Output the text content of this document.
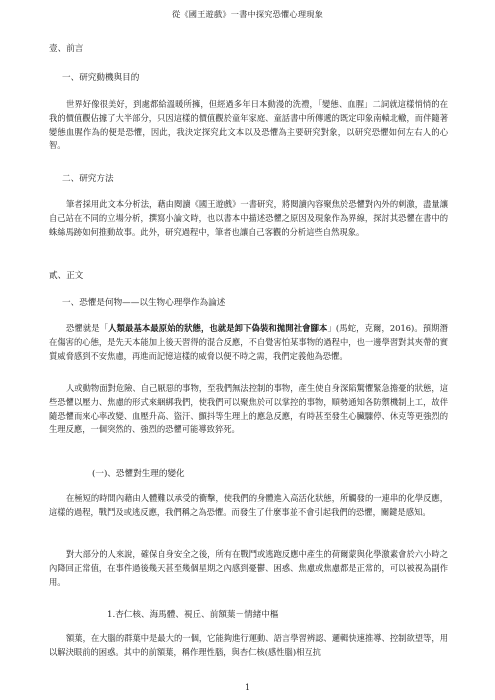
從《國王遊戲》一書中探究恐懼心理現象
壹、前言
一、研究動機與目的

世界好像很美好，到處都給溫暖所擁，但經過多年日本動漫的洗禮，「變態、血腥」二詞就這樣悄悄的在我的價值觀佔據了大半部分，只因這樣的價值觀於童年家庭、童話書中所傳遞的既定印象南轅北轍，而伴隨著變態血腥作為的便是恐懼，因此，我決定探究此文本以及恐懼為主要研究對象，以研究恐懼如何左右人的心智。

二、研究方法

筆者採用此文本分析法，藉由閱讀《國王遊戲》一書研究，將閱讀內容聚焦於恐懼對內外的刺激，盡量讓自己站在不同的立場分析，撰寫小論文時，也以書本中描述恐懼之原因及現象作為界線，探討其恐懼在書中的蛛絲馬跡如何推動故事。此外，研究過程中，筆者也讓自己客觀的分析這些自然現象。

貳、正文
一、恐懼是何物——以生物心理學作為論述

恐懼就是「人類最基本最原始的狀態，也就是卸下偽裝和拋開社會腳本」(馬蛇，克爾，2016)。預期潛在傷害的心態，是先天本能加上後天習得的混合反應，不自覺害怕某事物的過程中，也一邊學習對其夾帶的實質威脅感到不安焦慮，再進而記憶這樣的威脅以便不時之需，我們定義他為恐懼。

人或動物面對危險、自己厭惡的事物，至我們無法控制的事物，產生使自身深陷驚懼緊急擔憂的狀態，這些恐懼以壓力、焦慮的形式來綑綁我們，使我們可以聚焦於可以掌控的事物，順勢通知各防禦機制上工，故伴隨恐懼而來心率改變、血壓升高、盜汗、顫抖等生理上的應急反應，有時甚至發生心臟驟停、休克等更強烈的生理反應，一個突然的、強烈的恐懼可能導致猝死。

(一)、恐懼對生理的變化

在極短的時間內藉由人體難以承受的衝擊，使我們的身體進入高活化狀態，所觸發的一連串的化學反應，這樣的過程，戰鬥及或逃反應，我們稱之為恐懼。而發生了什麼事並不會引起我們的恐懼，關鍵是感知。

對大部分的人來說，確保自身安全之後，所有在戰鬥或逃跑反應中產生的荷爾蒙與化學激素會於六小時之內降回正常值，在事件過後幾天甚至幾個星期之內感到憂鬱、困惑、焦慮或焦慮都是正常的，可以被視為副作用。

1.杏仁核、海馬體、視丘、前額葉－情緒中樞

額葉，在大腦的群葉中是最大的一個，它能夠進行運動、語言學習辨認、邏輯快速推導、控制欲望等，用以解決眼前的困惑。其中的前額葉，稱作理性腦，與杏仁核(感性腦)相互抗

1
